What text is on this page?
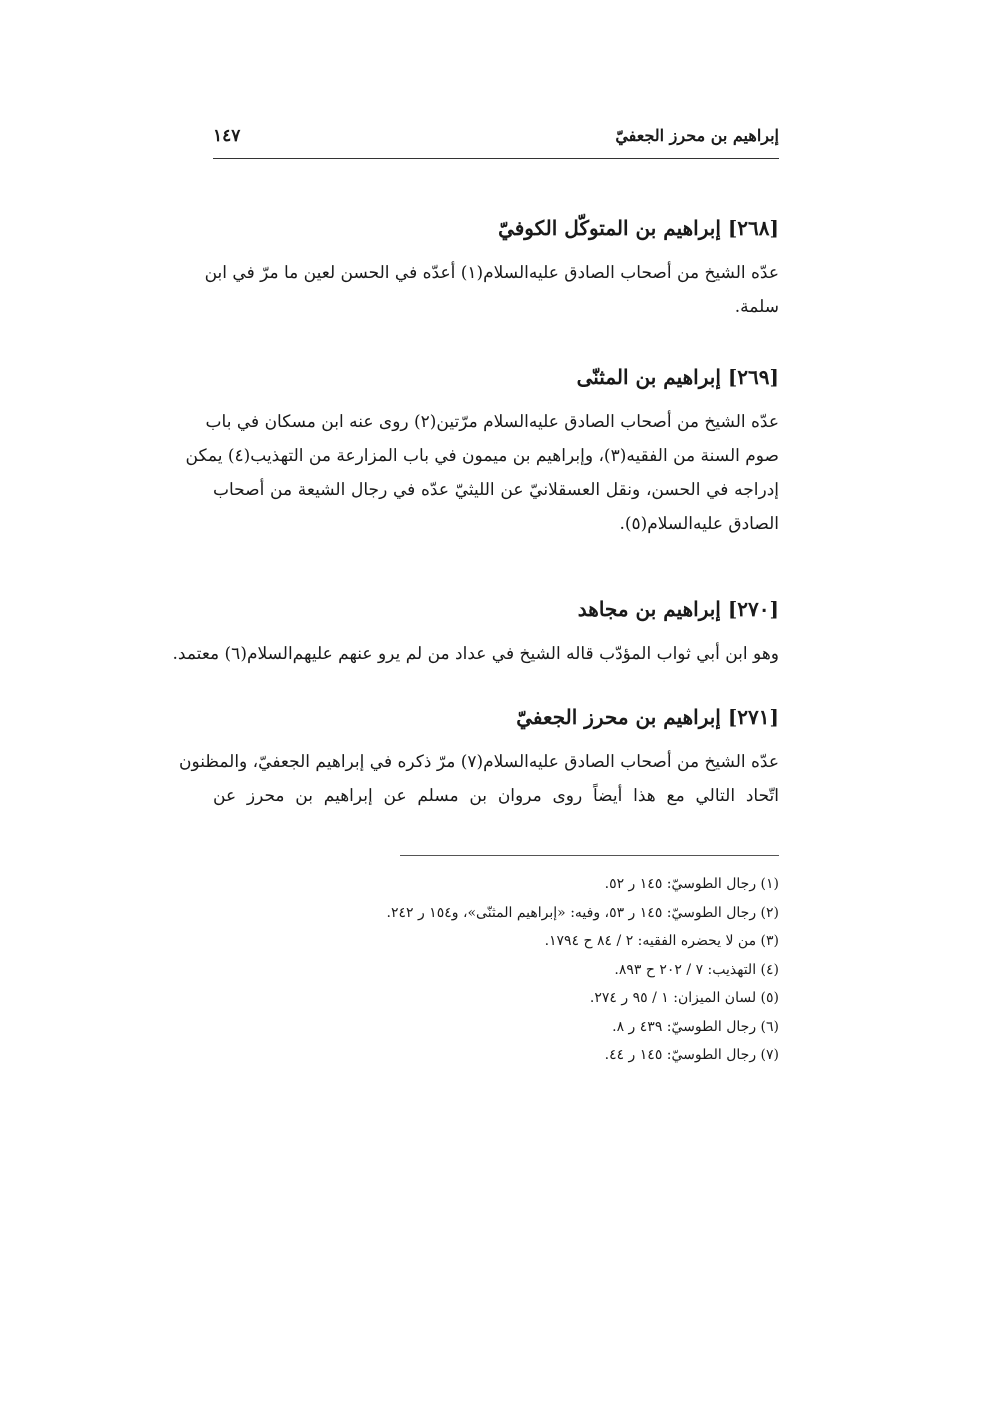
إبراهيم بن محرز الجعفيّ
١٤٧
[٢٦٨] إبراهيم بن المتوكّل الكوفيّ
عدّه الشيخ من أصحاب الصادق عليه‌السلام(١) أعدّه في الحسن لعين ما مرّ في ابن
سلمة.
[٢٦٩] إبراهيم بن المثنّى
عدّه الشيخ من أصحاب الصادق عليه‌السلام مرّتين(٢) روى عنه ابن مسكان في باب
صوم السنة من الفقيه(٣)، وإبراهيم بن ميمون في باب المزارعة من التهذيب(٤) يمكن
إدراجه في الحسن، ونقل العسقلانيّ عن الليثيّ عدّه في رجال الشيعة من أصحاب
الصادق عليه‌السلام(٥).
[٢٧٠] إبراهيم بن مجاهد
وهو ابن أبي ثواب المؤدّب قاله الشيخ في عداد من لم يرو عنهم عليهم‌السلام(٦) معتمد.
[٢٧١] إبراهيم بن محرز الجعفيّ
عدّه الشيخ من أصحاب الصادق عليه‌السلام(٧) مرّ ذكره في إبراهيم الجعفيّ، والمظنون
اتّحاد التالي مع هذا أيضاً روى مروان بن مسلم عن إبراهيم بن محرز عن
(١) رجال الطوسيّ: ١٤٥ ر ٥٢.
(٢) رجال الطوسيّ: ١٤٥ ر ٥٣، وفيه: «إبراهيم المثنّى»، و١٥٤ ر ٢٤٢.
(٣) من لا يحضره الفقيه: ٢ / ٨٤ ح ١٧٩٤.
(٤) التهذيب: ٧ / ٢٠٢ ح ٨٩٣.
(٥) لسان الميزان: ١ / ٩٥ ر ٢٧٤.
(٦) رجال الطوسيّ: ٤٣٩ ر ٨.
(٧) رجال الطوسيّ: ١٤٥ ر ٤٤.
